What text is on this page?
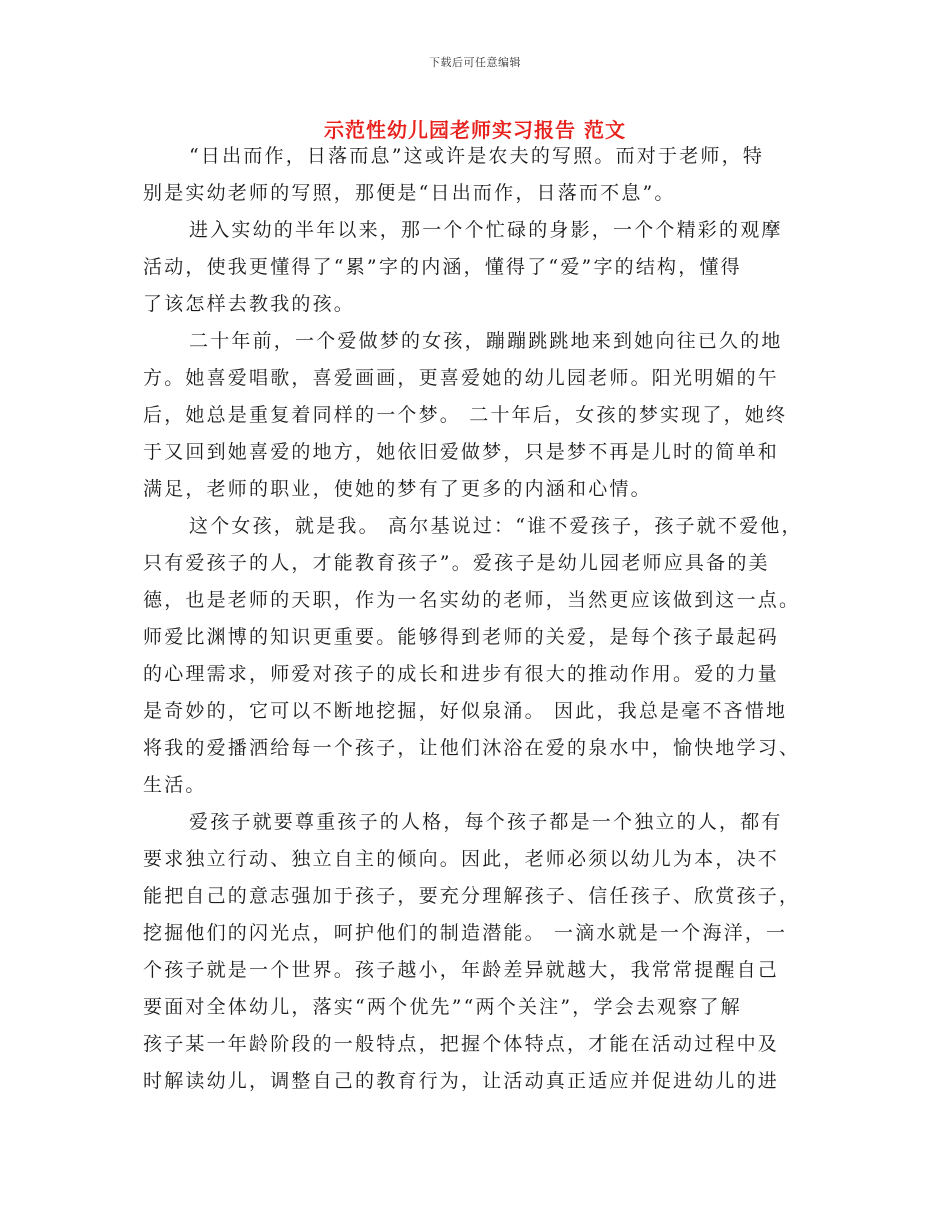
下载后可任意编辑
示范性幼儿园老师实习报告 范文
“日出而作，日落而息”这或许是农夫的写照。而对于老师，特
别是实幼老师的写照，那便是“日出而作，日落而不息”。
进入实幼的半年以来，那一个个忙碌的身影，一个个精彩的观摩
活动，使我更懂得了“累”字的内涵，懂得了“爱”字的结构，懂得
了该怎样去教我的孩。
二十年前，一个爱做梦的女孩，蹦蹦跳跳地来到她向往已久的地
方。她喜爱唱歌，喜爱画画，更喜爱她的幼儿园老师。阳光明媚的午
后，她总是重复着同样的一个梦。 二十年后，女孩的梦实现了，她终
于又回到她喜爱的地方，她依旧爱做梦，只是梦不再是儿时的简单和
满足，老师的职业，使她的梦有了更多的内涵和心情。
这个女孩，就是我。 高尔基说过：“谁不爱孩子，孩子就不爱他，
只有爱孩子的人，才能教育孩子”。爱孩子是幼儿园老师应具备的美
德，也是老师的天职，作为一名实幼的老师，当然更应该做到这一点。
师爱比渊博的知识更重要。能够得到老师的关爱，是每个孩子最起码
的心理需求，师爱对孩子的成长和进步有很大的推动作用。爱的力量
是奇妙的，它可以不断地挖掘，好似泉涌。 因此，我总是毫不吝惜地
将我的爱播洒给每一个孩子，让他们沐浴在爱的泉水中，愉快地学习、
生活。
爱孩子就要尊重孩子的人格，每个孩子都是一个独立的人，都有
要求独立行动、独立自主的倾向。因此，老师必须以幼儿为本，决不
能把自己的意志强加于孩子，要充分理解孩子、信任孩子、欣赏孩子，
挖掘他们的闪光点，呵护他们的制造潜能。 一滴水就是一个海洋，一
个孩子就是一个世界。孩子越小，年龄差异就越大，我常常提醒自己
要面对全体幼儿，落实“两个优先”“两个关注”，学会去观察了解
孩子某一年龄阶段的一般特点，把握个体特点，才能在活动过程中及
时解读幼儿，调整自己的教育行为，让活动真正适应并促进幼儿的进
